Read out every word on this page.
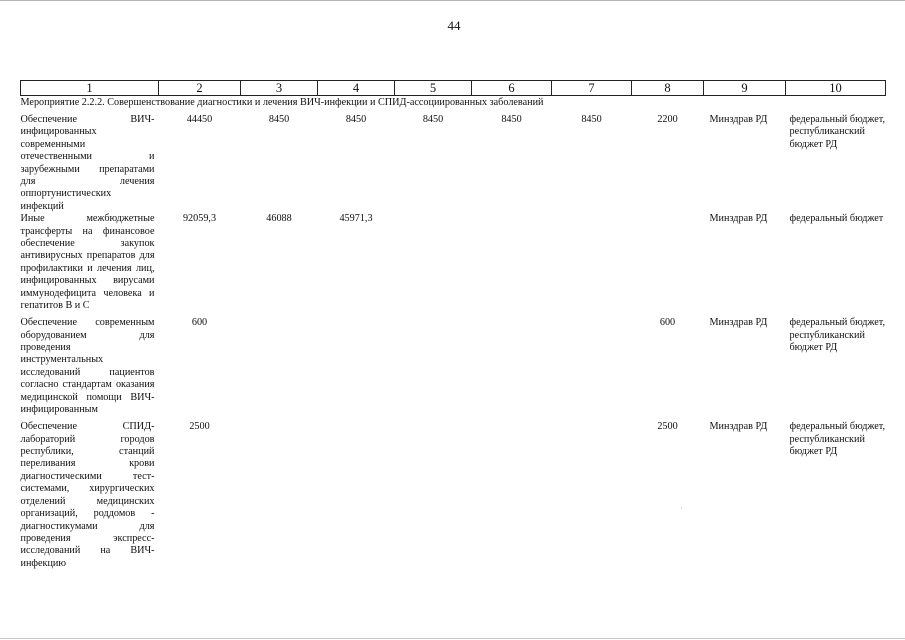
44
1	2	3	4	5	6	7	8	9	10
Мероприятие 2.2.2. Совершенствование диагностики и лечения ВИЧ-инфекции и СПИД-ассоциированных заболеваний									
Обеспечение ВИЧ-инфицированных современными отечественными и зарубежными препаратами для лечения оппортунистических инфекций	44450	8450	8450	8450	8450	8450	2200	Минздрав РД	федеральный бюджет, республиканский бюджет РД
Иные межбюджетные трансферты на финансовое обеспечение закупок антивирусных препаратов для профилактики и лечения лиц, инфицированных вирусами иммунодефицита человека и гепатитов В и С	92059,3	46088	45971,3					Минздрав РД	федеральный бюджет
Обеспечение современным оборудованием для проведения инструментальных исследований пациентов согласно стандартам оказания медицинской помощи ВИЧ-инфицированным	600						600	Минздрав РД	федеральный бюджет, республиканский бюджет РД
Обеспечение СПИД-лабораторий городов республики, станций переливания крови диагностическими тест-системами, хирургических отделений медицинских организаций, роддомов - диагностикумами для проведения экспресс-исследований на ВИЧ-инфекцию	2500						2500	Минздрав РД	федеральный бюджет, республиканский бюджет РД
